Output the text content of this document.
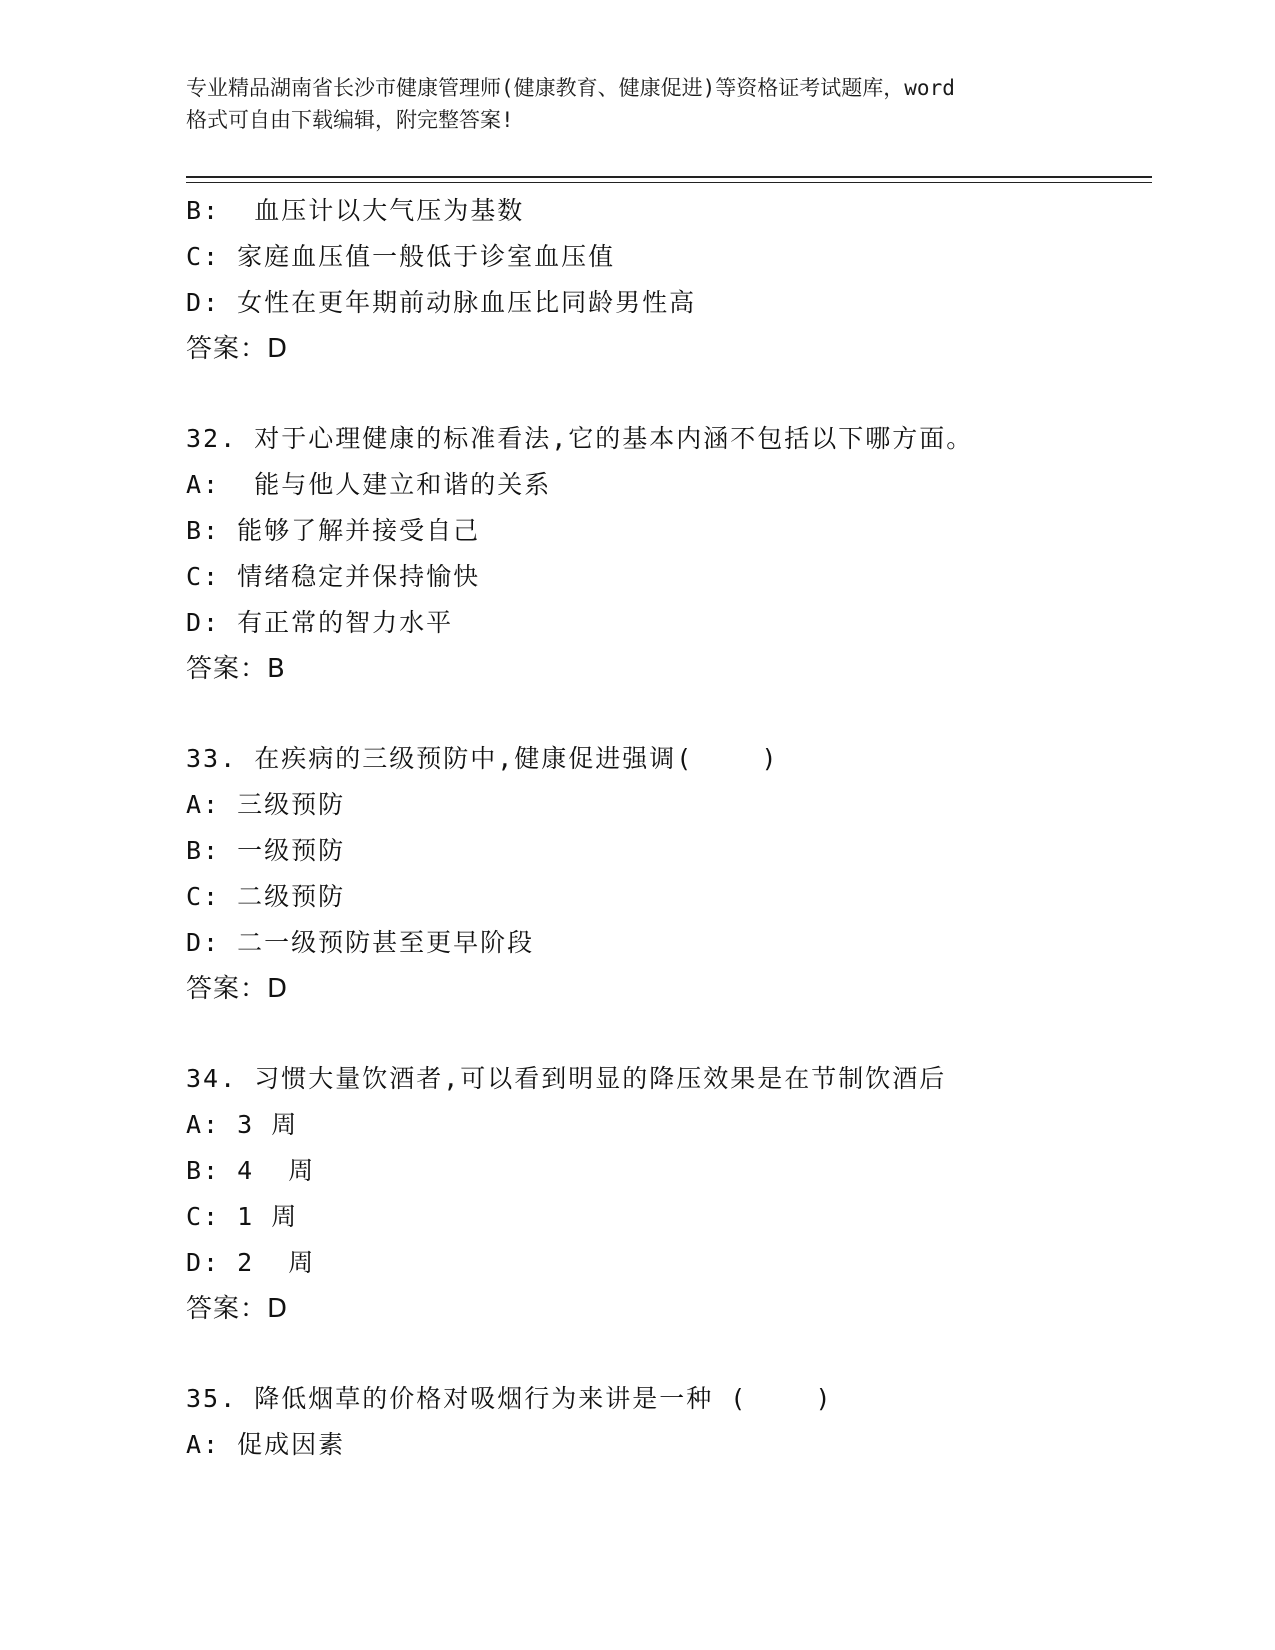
专业精品湖南省长沙市健康管理师(健康教育、健康促进)等资格证考试题库，word
格式可自由下载编辑，附完整答案!
B:  血压计以大气压为基数
C: 家庭血压值一般低于诊室血压值
D: 女性在更年期前动脉血压比同龄男性高
答案：D
32. 对于心理健康的标准看法,它的基本内涵不包括以下哪方面。
A:  能与他人建立和谐的关系
B: 能够了解并接受自己
C: 情绪稳定并保持愉快
D: 有正常的智力水平
答案：B
33. 在疾病的三级预防中,健康促进强调(    )
A: 三级预防
B: 一级预防
C: 二级预防
D: 二一级预防甚至更早阶段
答案：D
34. 习惯大量饮酒者,可以看到明显的降压效果是在节制饮酒后
A: 3 周
B: 4  周
C: 1 周
D: 2  周
答案：D
35. 降低烟草的价格对吸烟行为来讲是一种 (    )
A: 促成因素
